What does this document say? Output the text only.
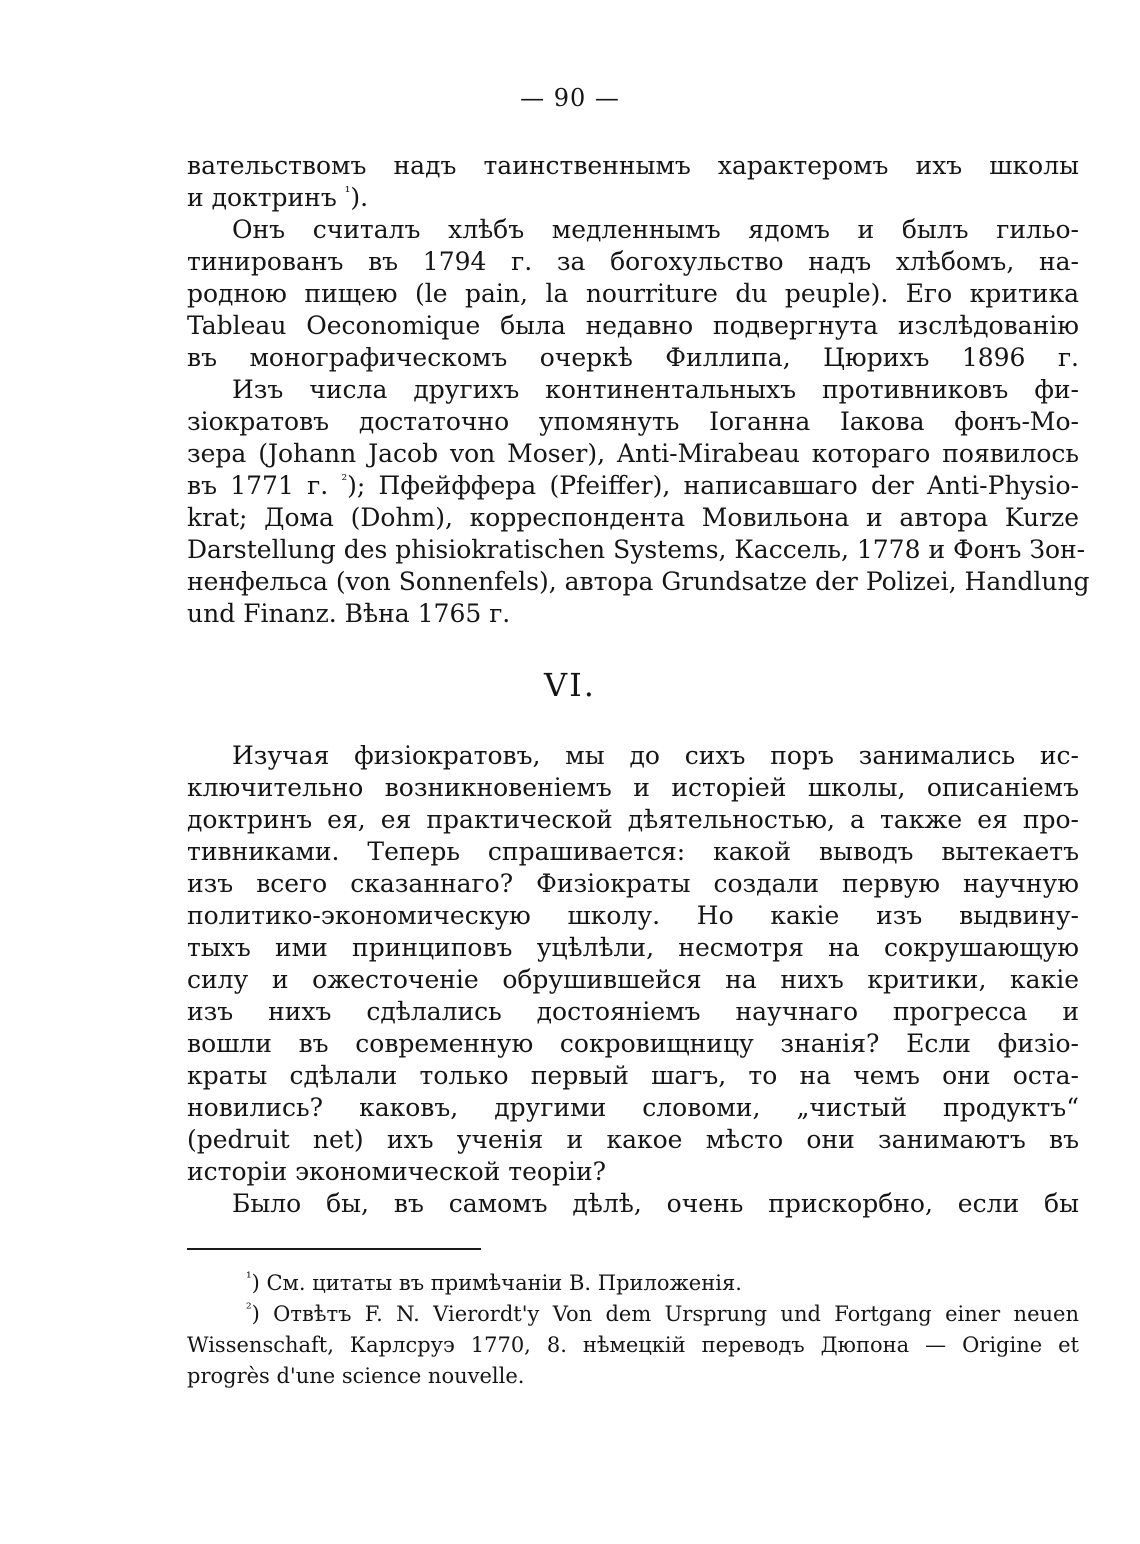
— 90 —
вательствомъ надъ таинственнымъ характеромъ ихъ школы
и доктринъ $^{^1}$).
Онъ считалъ хлѣбъ медленнымъ ядомъ и былъ гильо-
тинированъ въ 1794 г. за богохульство надъ хлѣбомъ, на-
родною пищею (le pain, la nourriture du peuple). Его критика
Tableau Oeconomique была недавно подвергнута изслѣдованію
въ монографическомъ очеркѣ Филлипа, Цюрихъ 1896 г.
Изъ числа другихъ континентальныхъ противниковъ фи-
зіократовъ достаточно упомянуть Іоганна Іакова фонъ-Мо-
зера (Johann Jacob von Moser), Anti-Mirabeau котораго появилось
въ 1771 г. $^{^2}$); Пфейффера (Pfeiffer), написавшаго der Anti-Physio-
krat; Дома (Dohm), корреспондента Мовильона и автора Kurze
Darstellung des phisiokratischen Systems, Кассель, 1778 и Фонъ Зон-
ненфельса (von Sonnenfels), автора Grundsatze der Polizei, Handlung
und Finanz. Вѣна 1765 г.
VI.
Изучая физіократовъ, мы до сихъ поръ занимались ис-
ключительно возникновеніемъ и исторіей школы, описаніемъ
доктринъ ея, ея практической дѣятельностью, а также ея про-
тивниками. Теперь спрашивается: какой выводъ вытекаетъ
изъ всего сказаннаго? Физіократы создали первую научную
политико-экономическую школу. Но какіе изъ выдвину-
тыхъ ими принциповъ уцѣлѣли, несмотря на сокрушающую
силу и ожесточеніе обрушившейся на нихъ критики, какіе
изъ нихъ сдѣлались достояніемъ научнаго прогресса и
вошли въ современную сокровищницу знанія? Если физіо-
краты сдѣлали только первый шагъ, то на чемъ они оста-
новились? каковъ, другими словоми, „чистый продуктъ“
(pedruit net) ихъ ученія и какое мѣсто они занимаютъ въ
исторіи экономической теоріи?
Было бы, въ самомъ дѣлѣ, очень прискорбно, если бы
$^{^1}$) См. цитаты въ примѣчаніи В. Приложенія.
$^{^2}$) Отвѣтъ F. N. Vierordt'y Von dem Ursprung und Fortgang einer neuen
Wissenschaft, Карлсруэ 1770, 8. нѣмецкій переводъ Дюпона — Origine et
progrès d'une science nouvelle.
